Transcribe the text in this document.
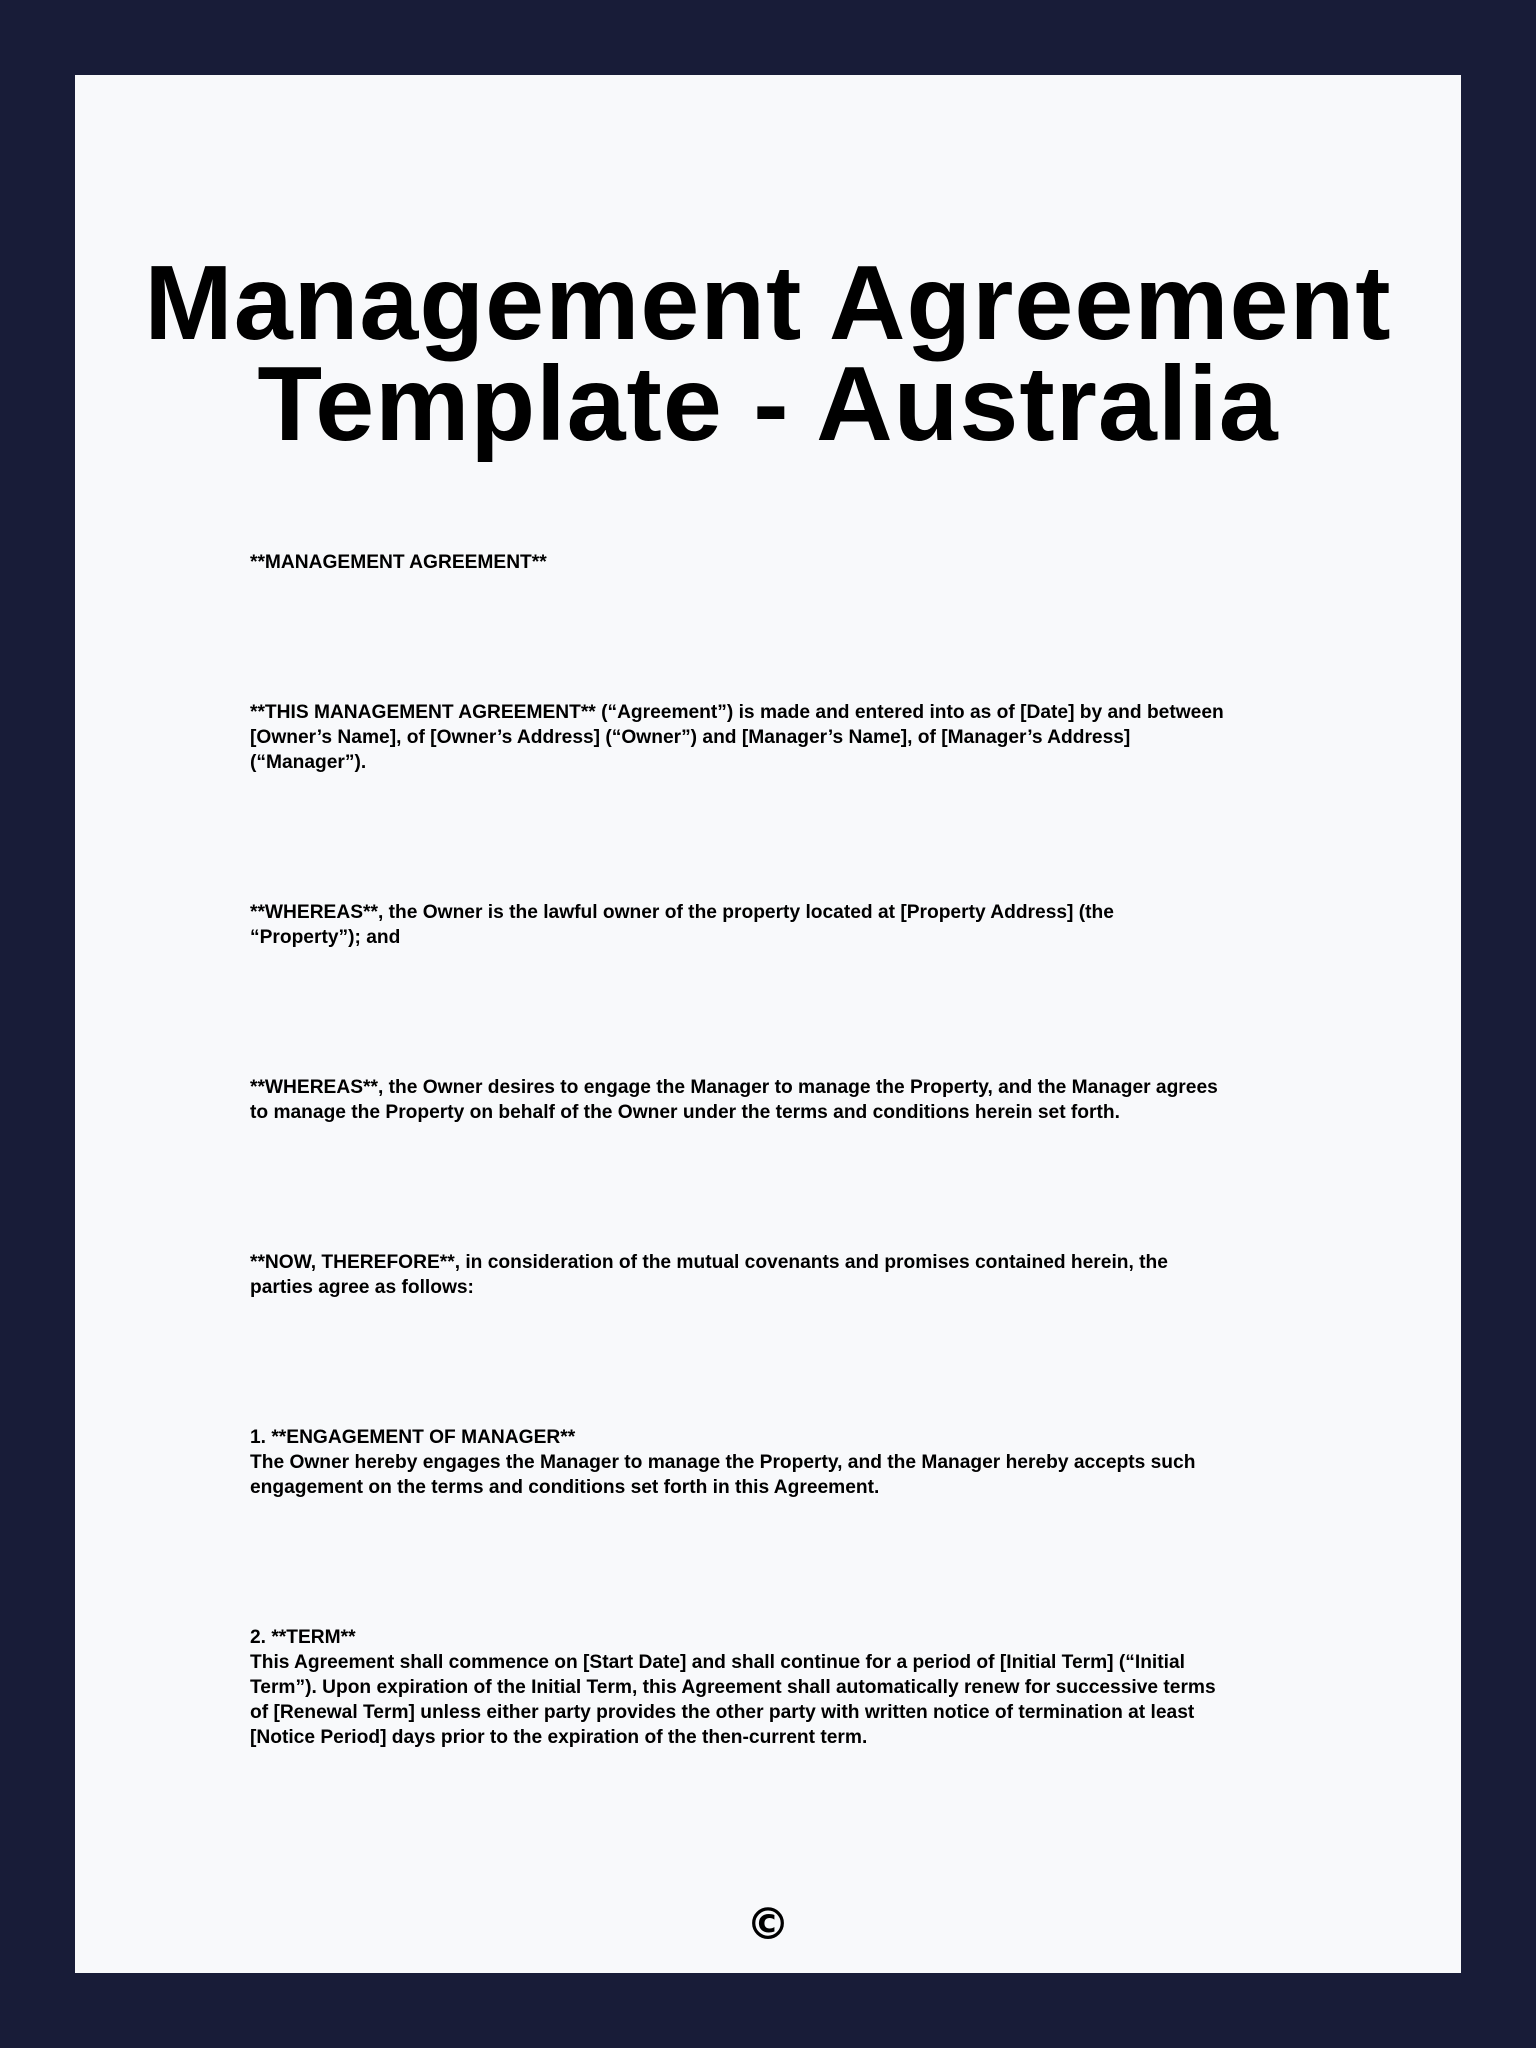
Management Agreement
Template - Australia

**MANAGEMENT AGREEMENT**

**THIS MANAGEMENT AGREEMENT** (“Agreement”) is made and entered into as of [Date] by and between
[Owner’s Name], of [Owner’s Address] (“Owner”) and [Manager’s Name], of [Manager’s Address]
(“Manager”).

**WHEREAS**, the Owner is the lawful owner of the property located at [Property Address] (the
“Property”); and

**WHEREAS**, the Owner desires to engage the Manager to manage the Property, and the Manager agrees
to manage the Property on behalf of the Owner under the terms and conditions herein set forth.

**NOW, THEREFORE**, in consideration of the mutual covenants and promises contained herein, the
parties agree as follows:

1. **ENGAGEMENT OF MANAGER**
The Owner hereby engages the Manager to manage the Property, and the Manager hereby accepts such
engagement on the terms and conditions set forth in this Agreement.

2. **TERM**
This Agreement shall commence on [Start Date] and shall continue for a period of [Initial Term] (“Initial
Term”). Upon expiration of the Initial Term, this Agreement shall automatically renew for successive terms
of [Renewal Term] unless either party provides the other party with written notice of termination at least
[Notice Period] days prior to the expiration of the then-current term.

©
